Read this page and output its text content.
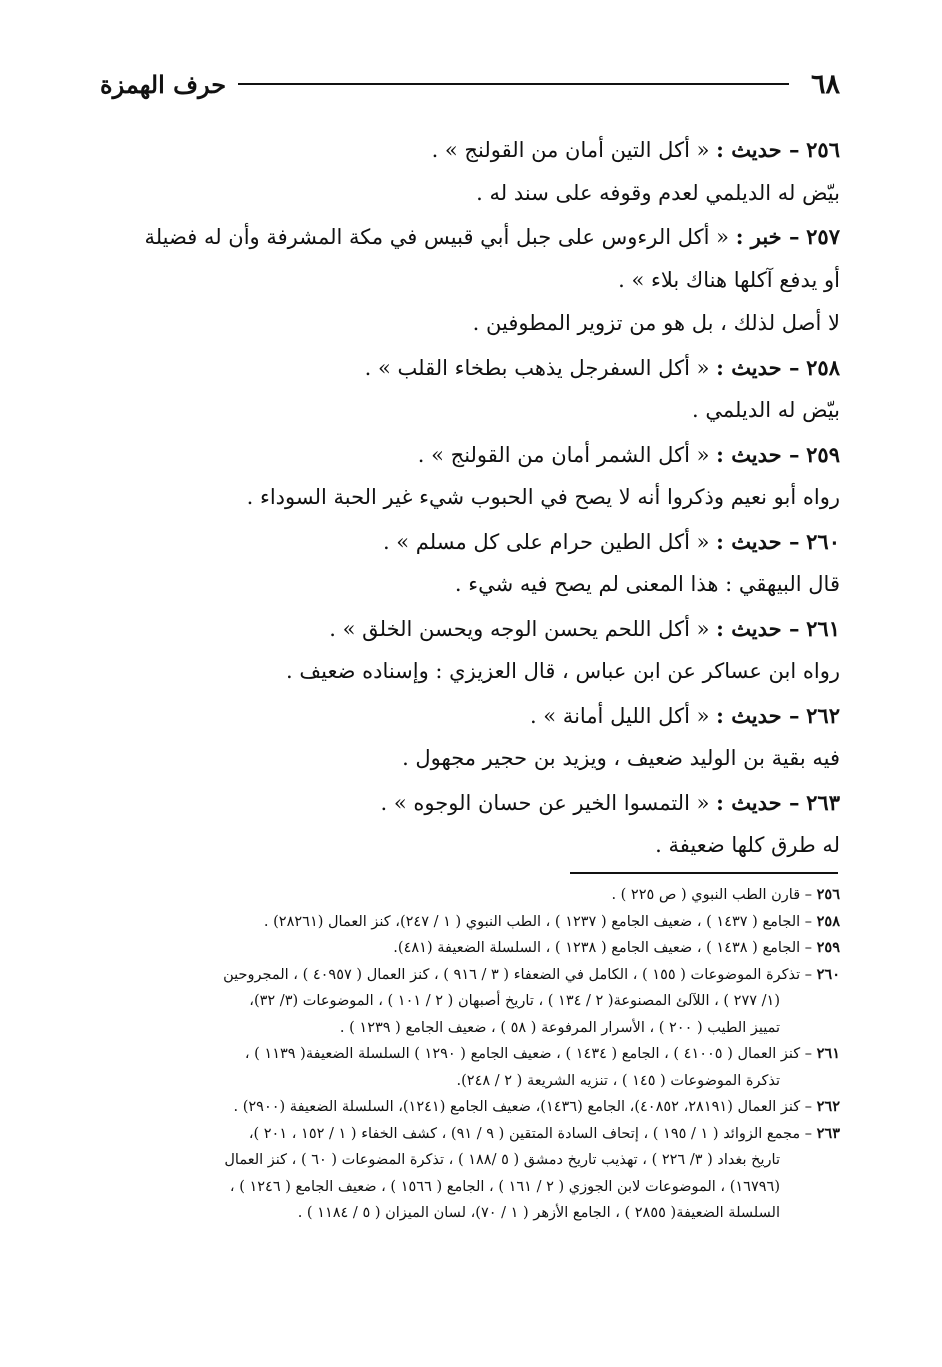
٦٨
حرف الهمزة
٢٥٦ – حديث : « أكل التين أمان من القولنج » .
بيّض له الديلمي لعدم وقوفه على سند له .
٢٥٧ – خبر : « أكل الرءوس على جبل أبي قبيس في مكة المشرفة وأن له فضيلة
أو يدفع آكلها هناك بلاء » .
لا أصل لذلك ، بل هو من تزوير المطوفين .
٢٥٨ – حديث : « أكل السفرجل يذهب بطخاء القلب » .
بيّض له الديلمي .
٢٥٩ – حديث : « أكل الشمر أمان من القولنج » .
رواه أبو نعيم وذكروا أنه لا يصح في الحبوب شيء غير الحبة السوداء .
٢٦٠ – حديث : « أكل الطين حرام على كل مسلم » .
قال البيهقي : هذا المعنى لم يصح فيه شيء .
٢٦١ – حديث : « أكل اللحم يحسن الوجه ويحسن الخلق » .
رواه ابن عساكر عن ابن عباس ، قال العزيزي : وإسناده ضعيف .
٢٦٢ – حديث : « أكل الليل أمانة » .
فيه بقية بن الوليد ضعيف ، ويزيد بن حجير مجهول .
٢٦٣ – حديث : « التمسوا الخير عن حسان الوجوه » .
له طرق كلها ضعيفة .
٢٥٦ – قارن الطب النبوي ( ص ٢٢٥ ) .
٢٥٨ – الجامع ( ١٤٣٧ ) ، ضعيف الجامع ( ١٢٣٧ ) ، الطب النبوي ( ١ / ٢٤٧)، كنز العمال (٢٨٢٦١) .
٢٥٩ – الجامع ( ١٤٣٨ ) ، ضعيف الجامع ( ١٢٣٨ ) ، السلسلة الضعيفة (٤٨١).
٢٦٠ – تذكرة الموضوعات ( ١٥٥ ) ، الكامل في الضعفاء ( ٣ / ٩١٦ ) ، كنز العمال ( ٤٠٩٥٧ ) ، المجروحين
(١/ ٢٧٧ ) ، اللآلئ المصنوعة( ٢ / ١٣٤ ) ، تاريخ أصبهان ( ٢ / ١٠١ ) ، الموضوعات (٣/ ٣٢)،
تمييز الطيب ( ٢٠٠ ) ، الأسرار المرفوعة ( ٥٨ ) ، ضعيف الجامع ( ١٢٣٩ ) .
٢٦١ – كنز العمال ( ٤١٠٠٥ ) ، الجامع ( ١٤٣٤ ) ، ضعيف الجامع ( ١٢٩٠ ) السلسلة الضعيفة( ١١٣٩ ) ،
تذكرة الموضوعات ( ١٤٥ ) ، تنزيه الشريعة ( ٢ / ٢٤٨).
٢٦٢ – كنز العمال (٢٨١٩١، ٤٠٨٥٢)، الجامع (١٤٣٦)، ضعيف الجامع (١٢٤١)، السلسلة الضعيفة (٢٩٠٠) .
٢٦٣ – مجمع الزوائد ( ١ / ١٩٥ ) ، إتحاف السادة المتقين ( ٩ / ٩١) ، كشف الخفاء ( ١ / ١٥٢ ، ٢٠١ )،
تاريخ بغداد ( ٣/ ٢٢٦ ) ، تهذيب تاريخ دمشق ( ٥ /١٨٨ ) ، تذكرة المضوعات ( ٦٠ ) ، كنز العمال
(١٦٧٩٦) ، الموضوعات لابن الجوزي ( ٢ / ١٦١ ) ، الجامع ( ١٥٦٦ ) ، ضعيف الجامع ( ١٢٤٦ ) ،
السلسلة الضعيفة( ٢٨٥٥ ) ، الجامع الأزهر ( ١ / ٧٠)، لسان الميزان ( ٥ / ١١٨٤ ) .
